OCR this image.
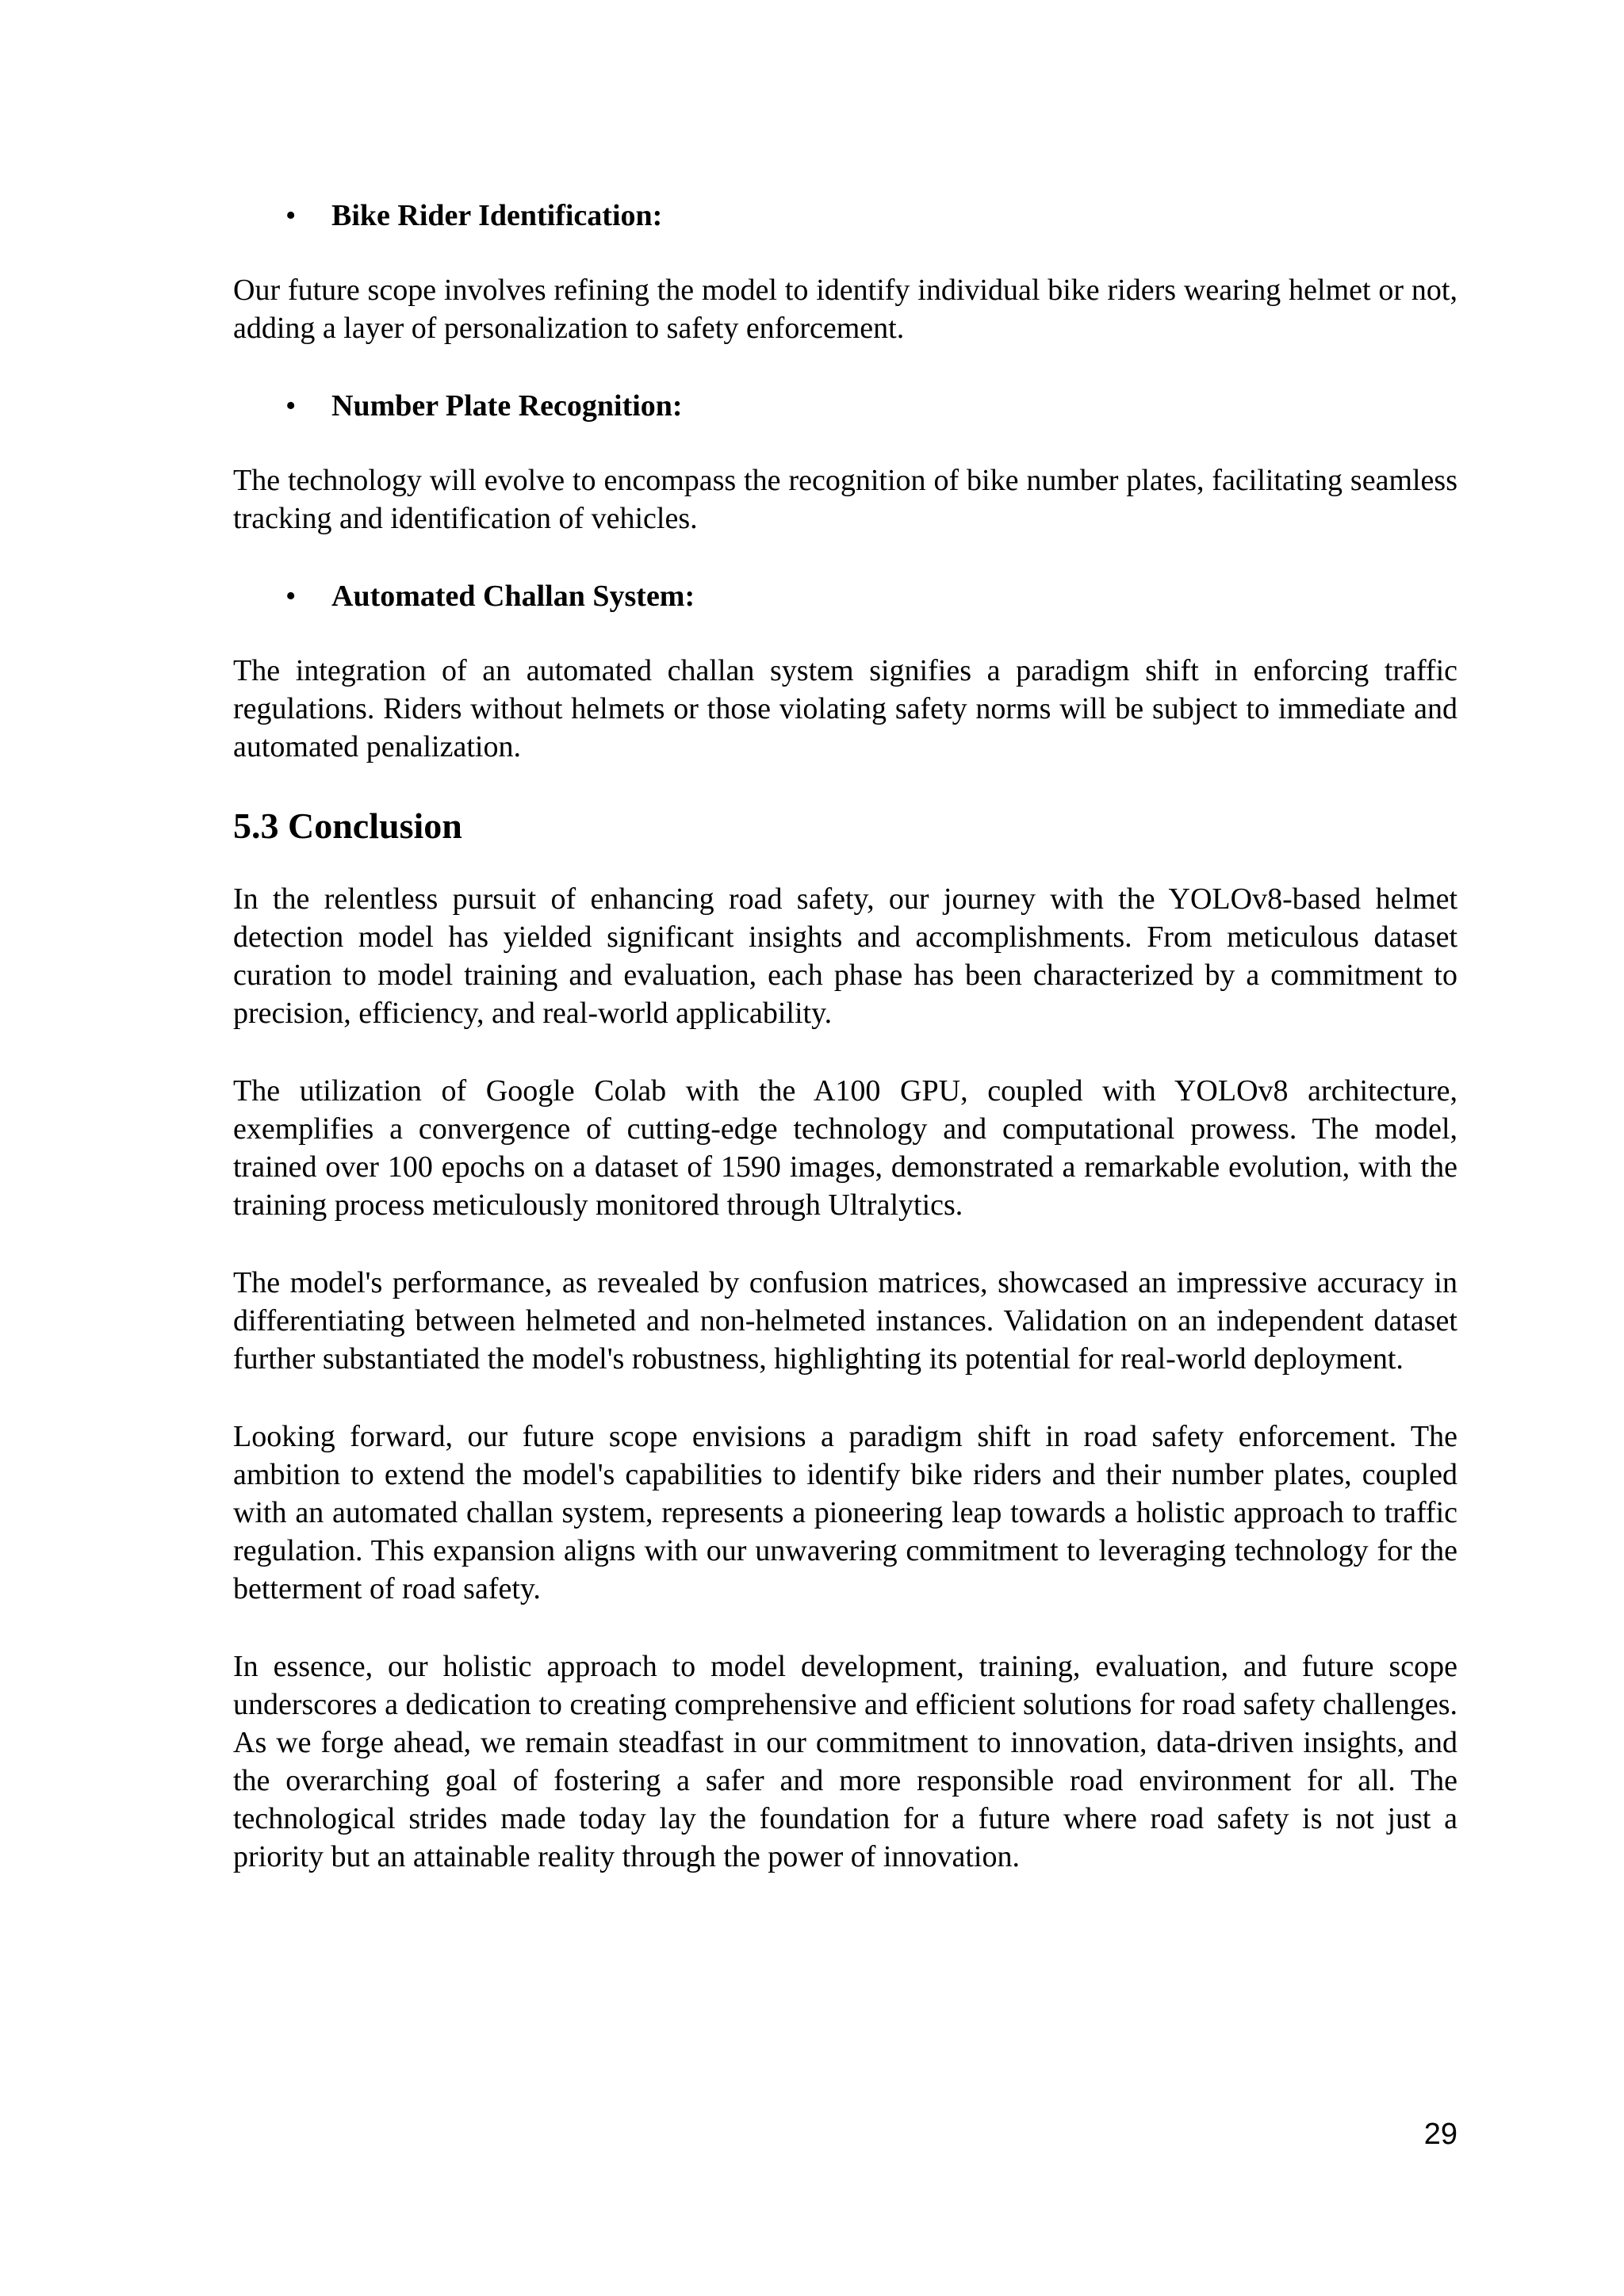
• Bike Rider Identification:

Our future scope involves refining the model to identify individual bike riders wearing helmet or not, adding a layer of personalization to safety enforcement.

• Number Plate Recognition:

The technology will evolve to encompass the recognition of bike number plates, facilitating seamless tracking and identification of vehicles.

• Automated Challan System:

The integration of an automated challan system signifies a paradigm shift in enforcing traffic regulations. Riders without helmets or those violating safety norms will be subject to immediate and automated penalization.

5.3 Conclusion

In the relentless pursuit of enhancing road safety, our journey with the YOLOv8-based helmet detection model has yielded significant insights and accomplishments. From meticulous dataset curation to model training and evaluation, each phase has been characterized by a commitment to precision, efficiency, and real-world applicability.

The utilization of Google Colab with the A100 GPU, coupled with YOLOv8 architecture, exemplifies a convergence of cutting-edge technology and computational prowess. The model, trained over 100 epochs on a dataset of 1590 images, demonstrated a remarkable evolution, with the training process meticulously monitored through Ultralytics.

The model's performance, as revealed by confusion matrices, showcased an impressive accuracy in differentiating between helmeted and non-helmeted instances. Validation on an independent dataset further substantiated the model's robustness, highlighting its potential for real-world deployment.

Looking forward, our future scope envisions a paradigm shift in road safety enforcement. The ambition to extend the model's capabilities to identify bike riders and their number plates, coupled with an automated challan system, represents a pioneering leap towards a holistic approach to traffic regulation. This expansion aligns with our unwavering commitment to leveraging technology for the betterment of road safety.

In essence, our holistic approach to model development, training, evaluation, and future scope underscores a dedication to creating comprehensive and efficient solutions for road safety challenges. As we forge ahead, we remain steadfast in our commitment to innovation, data-driven insights, and the overarching goal of fostering a safer and more responsible road environment for all. The technological strides made today lay the foundation for a future where road safety is not just a priority but an attainable reality through the power of innovation.

29
